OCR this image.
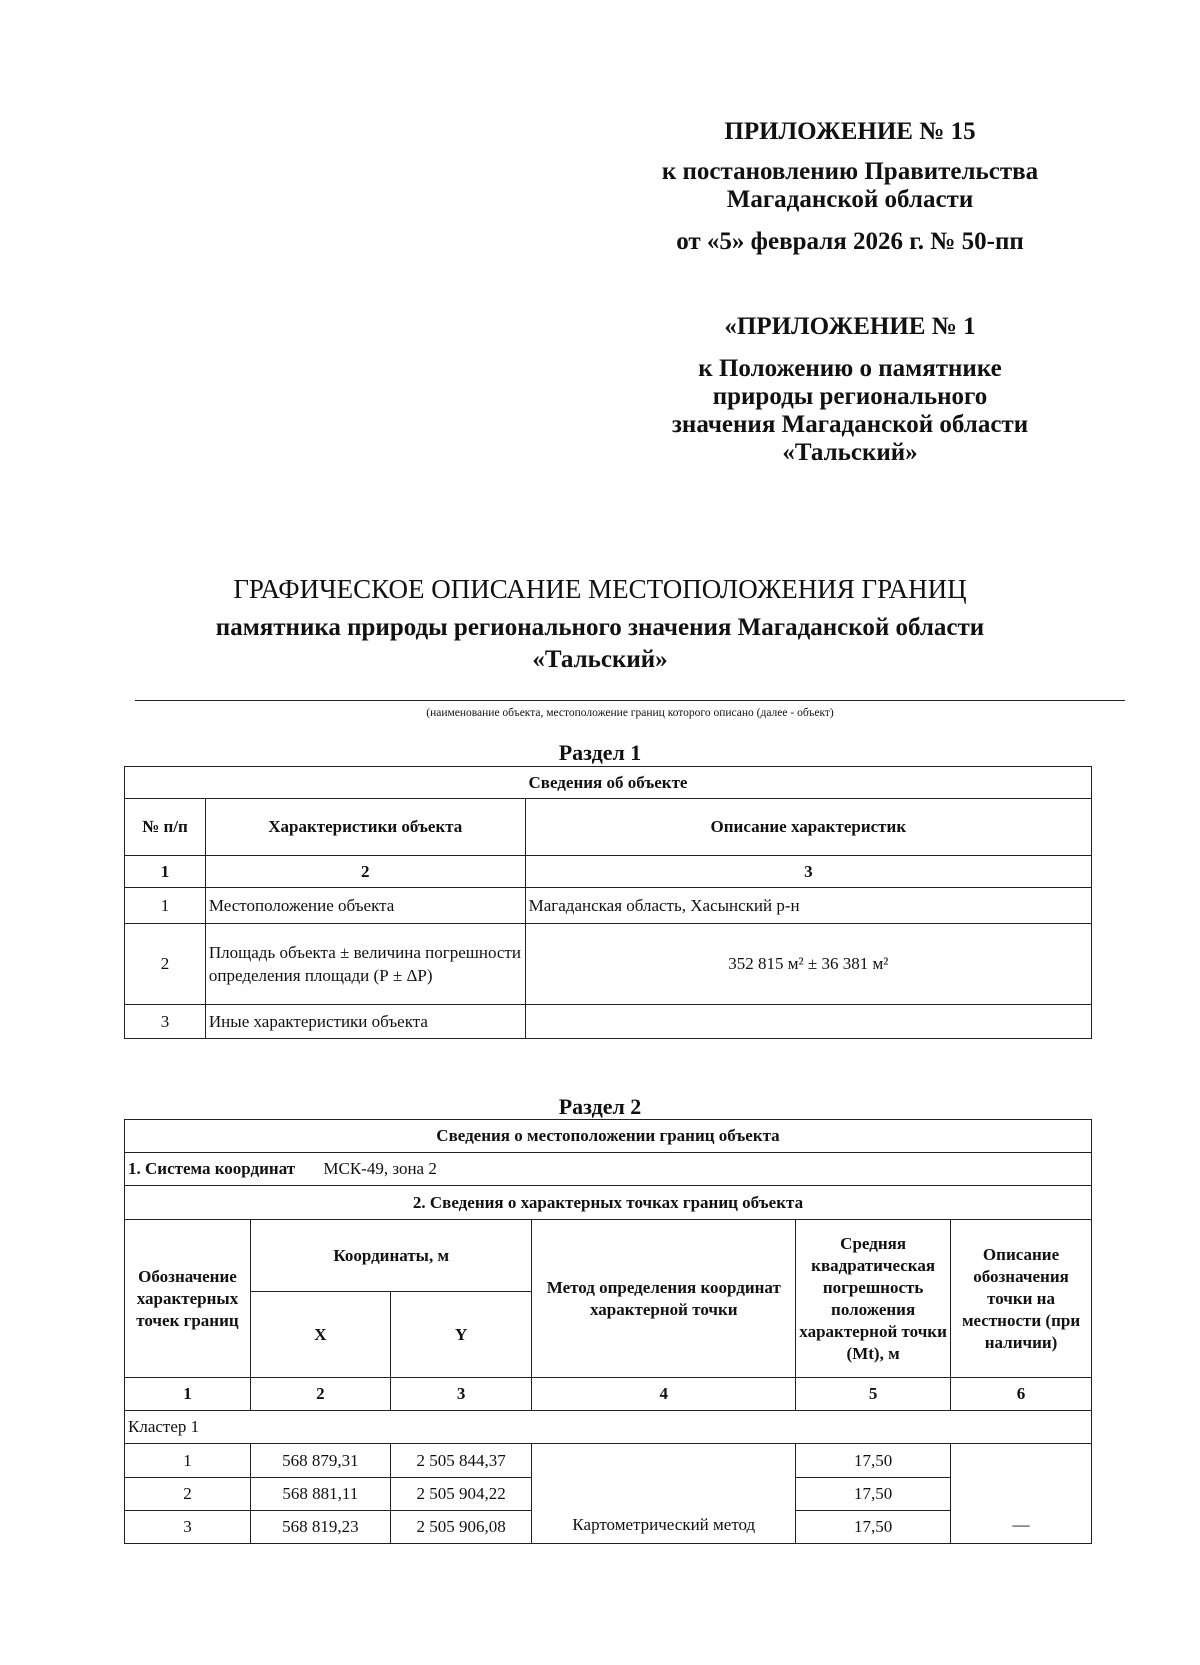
ПРИЛОЖЕНИЕ № 15
к постановлению Правительства
Магаданской области
от «5» февраля 2026 г. № 50-пп
«ПРИЛОЖЕНИЕ № 1
к Положению о памятнике
природы регионального
значения Магаданской области
«Тальский»
ГРАФИЧЕСКОЕ ОПИСАНИЕ МЕСТОПОЛОЖЕНИЯ ГРАНИЦ
памятника природы регионального значения Магаданской области
«Тальский»
(наименование объекта, местоположение границ которого описано (далее - объект)
Раздел 1
Сведения об объекте		
№ п/п	Характеристики объекта	Описание характеристик
1	2	3
1	Местоположение объекта	Магаданская область, Хасынский р-н
2	Площадь объекта ± величина погрешности определения площади (Р ± ΔР)	352 815 м² ± 36 381 м²
3	Иные характеристики объекта	
Раздел 2
Сведения о местоположении границ объекта					
1. Система координат МСК-49, зона 2					
2. Сведения о характерных точках границ объекта					
Обозначение характерных точек границ	Координаты, м		Метод определения координат характерной точки	Средняя квадратическая погрешность положения характерной точки (Mt), м	Описание обозначения точки на местности (при наличии)
	X	Y			
1	2	3	4	5	6
Кластер 1					
1	568 879,31	2 505 844,37	Картометрический метод	17,50	—
2	568 881,11	2 505 904,22		17,50	
3	568 819,23	2 505 906,08		17,50	
